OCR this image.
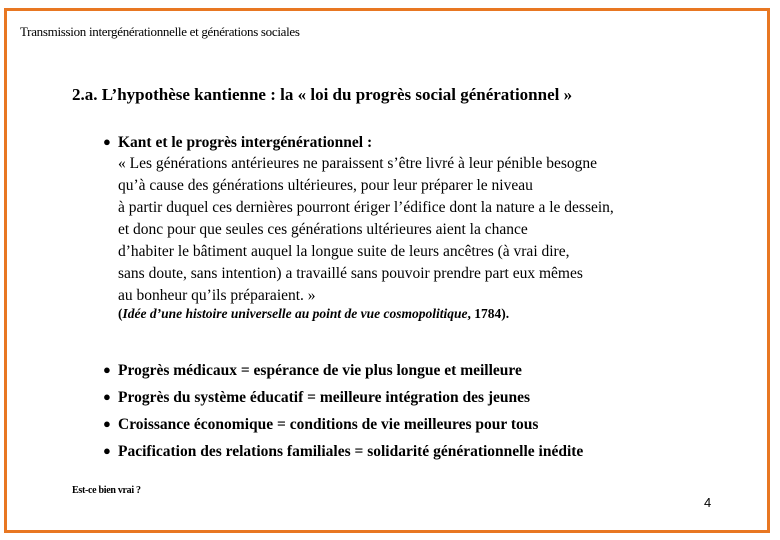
Transmission intergénérationnelle et générations sociales
2.a. L’hypothèse kantienne : la « loi du progrès social générationnel »
● Kant et le progrès intergénérationnel :
« Les générations antérieures ne paraissent s’être livré à leur pénible besogne
qu’à cause des générations ultérieures, pour leur préparer le niveau
à partir duquel ces dernières pourront ériger l’édifice dont la nature a le dessein,
et donc pour que seules ces générations ultérieures aient la chance
d’habiter le bâtiment auquel la longue suite de leurs ancêtres (à vrai dire,
sans doute, sans intention) a travaillé sans pouvoir prendre part eux mêmes
au bonheur qu’ils préparaient. »
(Idée d’une histoire universelle au point de vue cosmopolitique, 1784).
● Progrès médicaux = espérance de vie plus longue et meilleure
● Progrès du système éducatif = meilleure intégration des jeunes
● Croissance économique = conditions de vie meilleures pour tous
● Pacification des relations familiales = solidarité générationnelle inédite
Est-ce bien vrai ?
4
